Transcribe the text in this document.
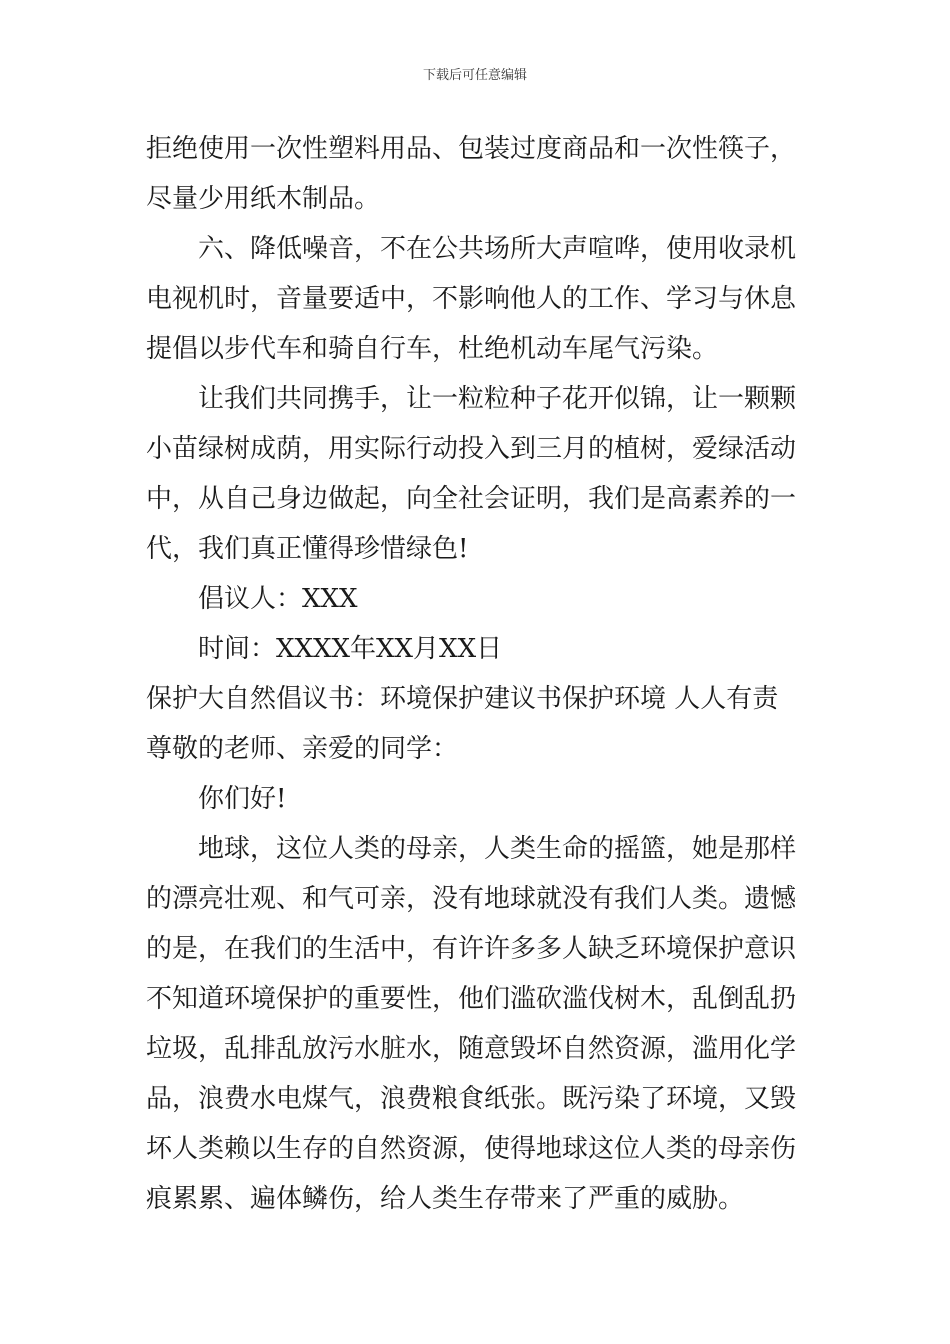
下载后可任意编辑
拒绝使用一次性塑料用品、包装过度商品和一次性筷子，
尽量少用纸木制品。
六、降低噪音，不在公共场所大声喧哗，使用收录机
电视机时，音量要适中，不影响他人的工作、学习与休息
提倡以步代车和骑自行车，杜绝机动车尾气污染。
让我们共同携手，让一粒粒种子花开似锦，让一颗颗
小苗绿树成荫，用实际行动投入到三月的植树，爱绿活动
中，从自己身边做起，向全社会证明，我们是高素养的一
代，我们真正懂得珍惜绿色!
倡议人：XXX
时间：XXXX年XX月XX日
保护大自然倡议书：环境保护建议书保护环境 人人有责
尊敬的老师、亲爱的同学：
你们好!
地球，这位人类的母亲，人类生命的摇篮，她是那样
的漂亮壮观、和气可亲，没有地球就没有我们人类。遗憾
的是，在我们的生活中，有许许多多人缺乏环境保护意识
不知道环境保护的重要性，他们滥砍滥伐树木，乱倒乱扔
垃圾，乱排乱放污水脏水，随意毁坏自然资源，滥用化学
品，浪费水电煤气，浪费粮食纸张。既污染了环境，又毁
坏人类赖以生存的自然资源，使得地球这位人类的母亲伤
痕累累、遍体鳞伤，给人类生存带来了严重的威胁。
